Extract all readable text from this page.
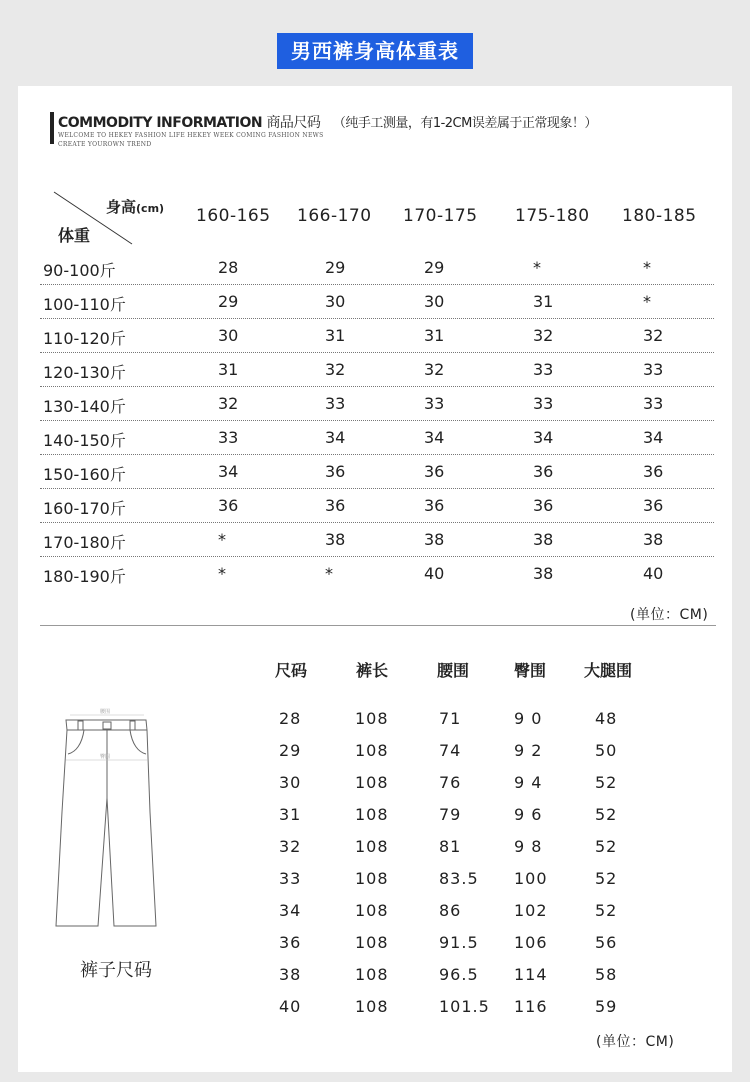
男西裤身高体重表
COMMODITY INFORMATION 商品尺码 （纯手工测量，有1-2CM误差属于正常现象！）
WELCOME TO HEKEY FASHION LIFE HEKEY WEEK COMING FASHION NEWS
CREATE YOUROWN TREND
身高(cm)
体重
160-165 166-170 170-175 175-180 180-185
90-100斤	28	29	29	*	*
100-110斤	29	30	30	31	*
110-120斤	30	31	31	32	32
120-130斤	31	32	32	33	33
130-140斤	32	33	33	33	33
140-150斤	33	34	34	34	34
150-160斤	34	36	36	36	36
160-170斤	36	36	36	36	36
170-180斤	*	38	38	38	38
180-190斤	*	*	40	38	40
(单位：CM)
腰围
臀围
裤子尺码
尺码	裤长	腰围	臀围 大腿围
28	108	71	9 0	48
29	108	74	9 2	50
30	108	76	9 4	52
31	108	79	9 6	52
32	108	81	9 8	52
33	108	83.5 100	52
34	108	86	102	52
36	108	91.5 106	56
38	108	96.5 114	58
40	108	101.5 116	59
(单位：CM)
